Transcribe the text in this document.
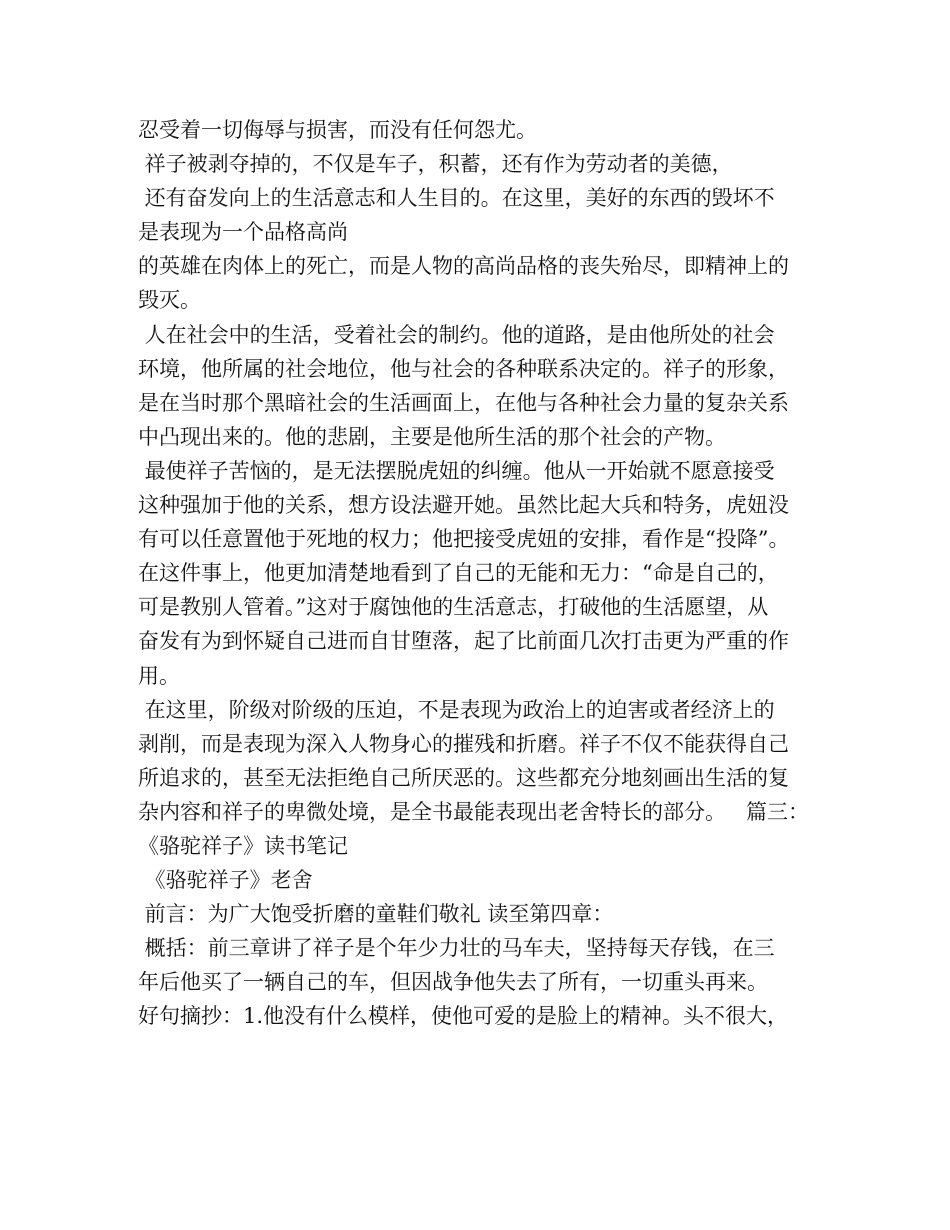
忍受着一切侮辱与损害，而没有任何怨尤。
祥子被剥夺掉的，不仅是车子，积蓄，还有作为劳动者的美德，
还有奋发向上的生活意志和人生目的。在这里，美好的东西的毁坏不
是表现为一个品格高尚
的英雄在肉体上的死亡，而是人物的高尚品格的丧失殆尽，即精神上的
毁灭。
人在社会中的生活，受着社会的制约。他的道路，是由他所处的社会
环境，他所属的社会地位，他与社会的各种联系决定的。祥子的形象，
是在当时那个黑暗社会的生活画面上，在他与各种社会力量的复杂关系
中凸现出来的。他的悲剧，主要是他所生活的那个社会的产物。
最使祥子苦恼的，是无法摆脱虎妞的纠缠。他从一开始就不愿意接受
这种强加于他的关系，想方设法避开她。虽然比起大兵和特务，虎妞没
有可以任意置他于死地的权力；他把接受虎妞的安排，看作是“投降”。
在这件事上，他更加清楚地看到了自己的无能和无力：“命是自己的，
可是教别人管着。”这对于腐蚀他的生活意志，打破他的生活愿望，从
奋发有为到怀疑自己进而自甘堕落，起了比前面几次打击更为严重的作
用。
在这里，阶级对阶级的压迫，不是表现为政治上的迫害或者经济上的
剥削，而是表现为深入人物身心的摧残和折磨。祥子不仅不能获得自己
所追求的，甚至无法拒绝自己所厌恶的。这些都充分地刻画出生活的复
杂内容和祥子的卑微处境，是全书最能表现出老舍特长的部分。   篇三：
《骆驼祥子》读书笔记
《骆驼祥子》老舍
前言：为广大饱受折磨的童鞋们敬礼 读至第四章：
概括：前三章讲了祥子是个年少力壮的马车夫，坚持每天存钱，在三
年后他买了一辆自己的车，但因战争他失去了所有，一切重头再来。
好句摘抄：1.他没有什么模样，使他可爱的是脸上的精神。头不很大，
